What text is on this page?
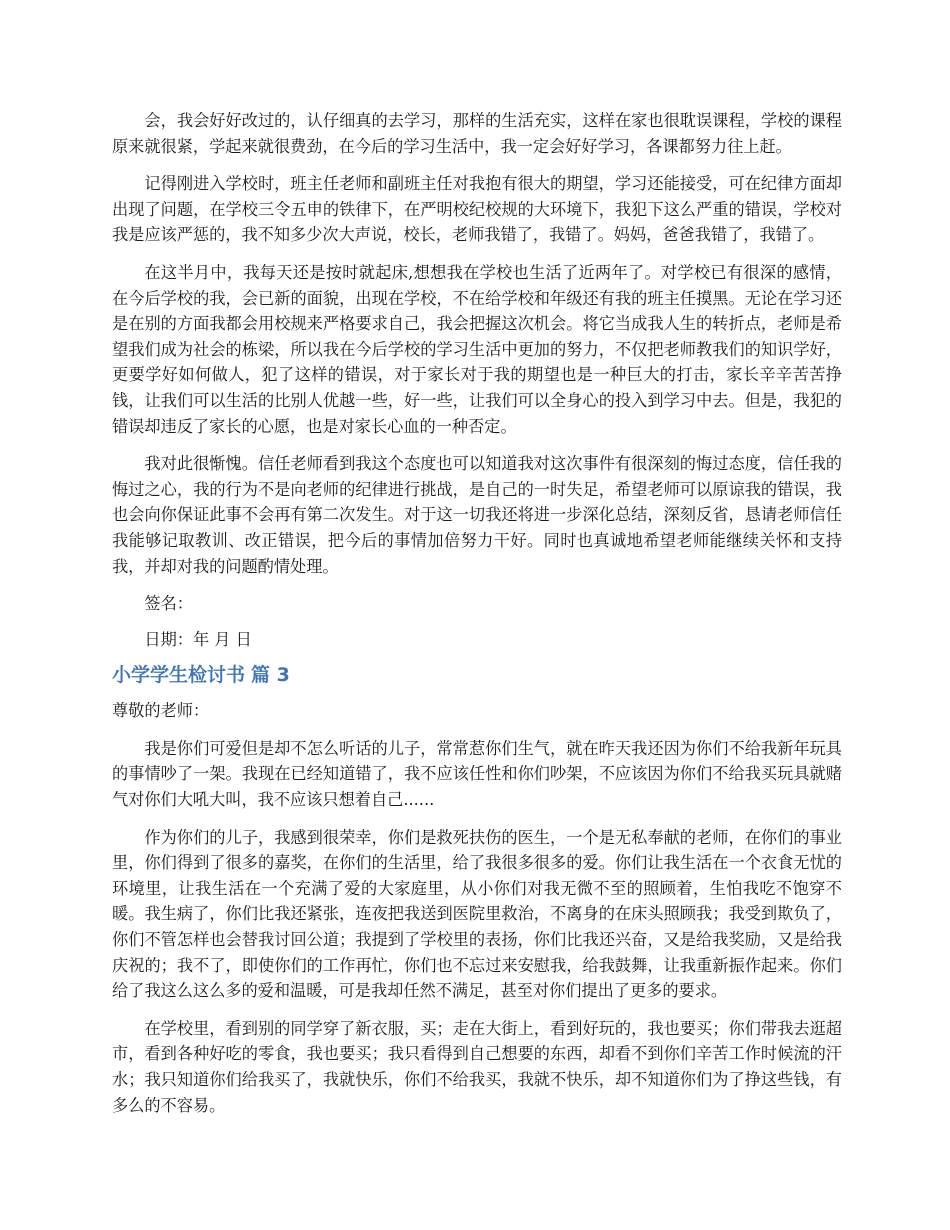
会，我会好好改过的，认仔细真的去学习，那样的生活充实，这样在家也很耽误课程，学校的课程原来就很紧，学起来就很费劲，在今后的学习生活中，我一定会好好学习，各课都努力往上赶。

记得刚进入学校时，班主任老师和副班主任对我抱有很大的期望，学习还能接受，可在纪律方面却出现了问题，在学校三令五申的铁律下，在严明校纪校规的大环境下，我犯下这么严重的错误，学校对我是应该严惩的，我不知多少次大声说，校长，老师我错了，我错了。妈妈，爸爸我错了，我错了。

在这半月中，我每天还是按时就起床,想想我在学校也生活了近两年了。对学校已有很深的感情，在今后学校的我，会已新的面貌，出现在学校，不在给学校和年级还有我的班主任摸黑。无论在学习还是在别的方面我都会用校规来严格要求自己，我会把握这次机会。将它当成我人生的转折点，老师是希望我们成为社会的栋梁，所以我在今后学校的学习生活中更加的努力，不仅把老师教我们的知识学好，更要学好如何做人，犯了这样的错误，对于家长对于我的期望也是一种巨大的打击，家长辛辛苦苦挣钱，让我们可以生活的比别人优越一些，好一些，让我们可以全身心的投入到学习中去。但是，我犯的错误却违反了家长的心愿，也是对家长心血的一种否定。

我对此很惭愧。信任老师看到我这个态度也可以知道我对这次事件有很深刻的悔过态度，信任我的悔过之心，我的行为不是向老师的纪律进行挑战，是自己的一时失足，希望老师可以原谅我的错误，我也会向你保证此事不会再有第二次发生。对于这一切我还将进一步深化总结，深刻反省，恳请老师信任我能够记取教训、改正错误，把今后的事情加倍努力干好。同时也真诚地希望老师能继续关怀和支持我，并却对我的问题酌情处理。

签名：

日期：年 月 日

小学学生检讨书 篇 3

尊敬的老师：

我是你们可爱但是却不怎么听话的儿子，常常惹你们生气，就在昨天我还因为你们不给我新年玩具的事情吵了一架。我现在已经知道错了，我不应该任性和你们吵架，不应该因为你们不给我买玩具就赌气对你们大吼大叫，我不应该只想着自己......

作为你们的儿子，我感到很荣幸，你们是救死扶伤的医生，一个是无私奉献的老师，在你们的事业里，你们得到了很多的嘉奖，在你们的生活里，给了我很多很多的爱。你们让我生活在一个衣食无忧的环境里，让我生活在一个充满了爱的大家庭里，从小你们对我无微不至的照顾着，生怕我吃不饱穿不暖。我生病了，你们比我还紧张，连夜把我送到医院里救治，不离身的在床头照顾我；我受到欺负了，你们不管怎样也会替我讨回公道；我提到了学校里的表扬，你们比我还兴奋，又是给我奖励，又是给我庆祝的；我不了，即使你们的工作再忙，你们也不忘过来安慰我，给我鼓舞，让我重新振作起来。你们给了我这么这么多的爱和温暖，可是我却任然不满足，甚至对你们提出了更多的要求。

在学校里，看到别的同学穿了新衣服，买；走在大街上，看到好玩的，我也要买；你们带我去逛超市，看到各种好吃的零食，我也要买；我只看得到自己想要的东西，却看不到你们辛苦工作时候流的汗水；我只知道你们给我买了，我就快乐，你们不给我买，我就不快乐，却不知道你们为了挣这些钱，有多么的不容易。
